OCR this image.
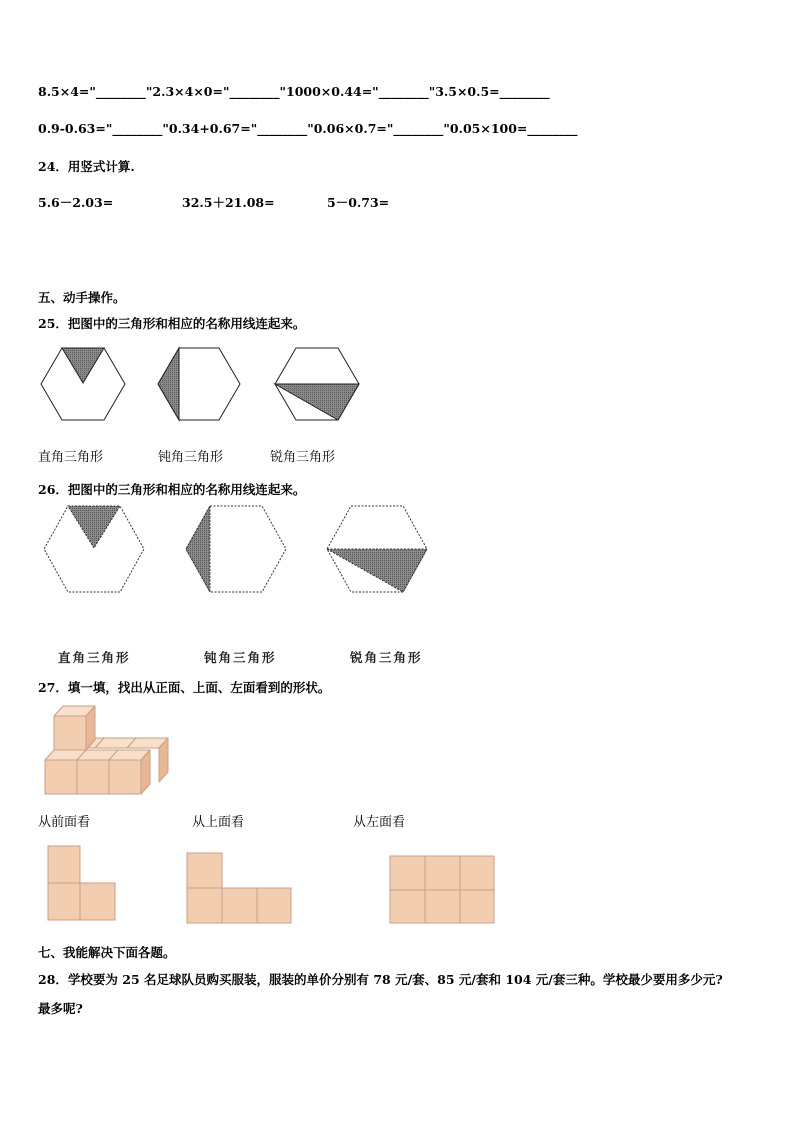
8.5×4="________"2.3×4×0="________"1000×0.44="________"3.5×0.5=________
0.9-0.63="________"0.34+0.67="________"0.06×0.7="________"0.05×100=________
24．用竖式计算.
5.6－2.03=	32.5＋21.08=	5－0.73=
五、动手操作。
25．把图中的三角形和相应的名称用线连起来。
直角三角形	钝角三角形	锐角三角形
26．把图中的三角形和相应的名称用线连起来。
直角三角形	钝角三角形	锐角三角形
27．填一填，找出从正面、上面、左面看到的形状。
从前面看	从上面看	从左面看
七、我能解决下面各题。
28．学校要为 25 名足球队员购买服装，服装的单价分别有 78 元/套、85 元/套和 104 元/套三种。学校最少要用多少元?
最多呢?
